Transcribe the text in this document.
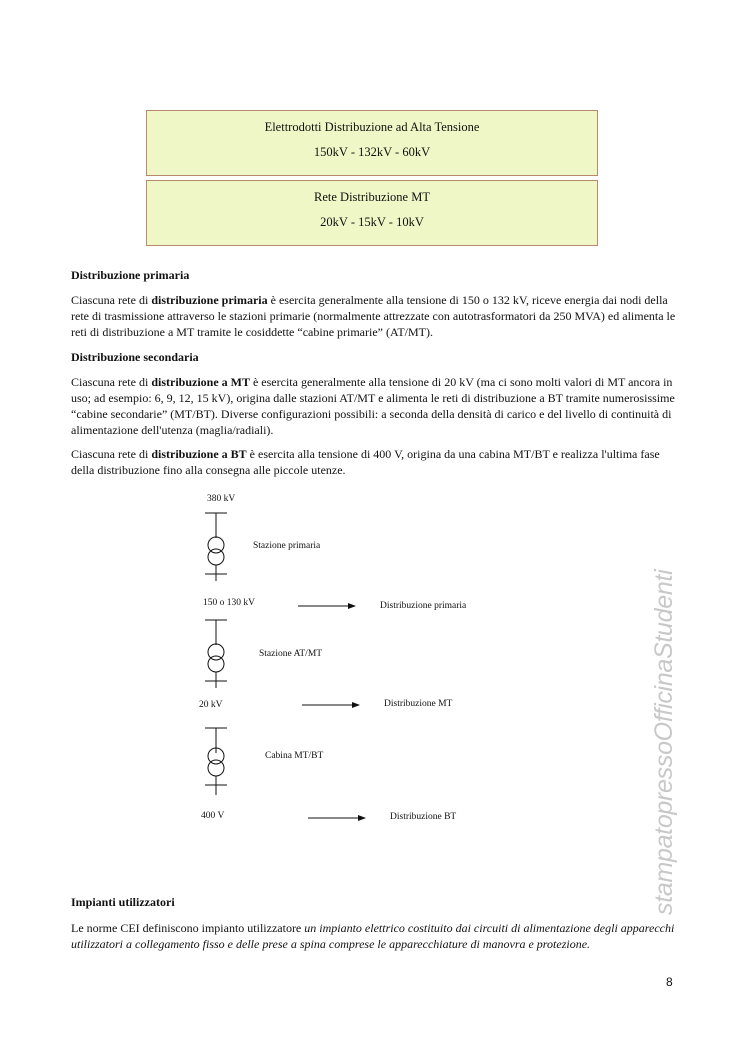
Elettrodotti Distribuzione ad Alta Tensione
150kV - 132kV - 60kV
Rete Distribuzione MT
20kV - 15kV - 10kV
Distribuzione primaria
Ciascuna rete di distribuzione primaria è esercita generalmente alla tensione di 150 o 132 kV, riceve energia dai nodi della rete di trasmissione attraverso le stazioni primarie (normalmente attrezzate con autotrasformatori da 250 MVA) ed alimenta le reti di distribuzione a MT tramite le cosiddette “cabine primarie” (AT/MT).
Distribuzione secondaria
Ciascuna rete di distribuzione a MT è esercita generalmente alla tensione di 20 kV (ma ci sono molti valori di MT ancora in uso; ad esempio: 6, 9, 12, 15 kV), origina dalle stazioni AT/MT e alimenta le reti di distribuzione a BT tramite numerosissime “cabine secondarie” (MT/BT). Diverse configurazioni possibili: a seconda della densità di carico e del livello di continuità di alimentazione dell'utenza (maglia/radiali).
Ciascuna rete di distribuzione a BT è esercita alla tensione di 400 V, origina da una cabina MT/BT e realizza l'ultima fase della distribuzione fino alla consegna alle piccole utenze.
380 kV
Stazione primaria
150 o 130 kV	Distribuzione primaria
Stazione AT/MT
20 kV	Distribuzione MT
Cabina MT/BT
400 V	Distribuzione BT	stampatopressoOfficinaStudenti
Impianti utilizzatori
Le norme CEI definiscono impianto utilizzatore un impianto elettrico costituito dai circuiti di alimentazione degli apparecchi utilizzatori a collegamento fisso e delle prese a spina comprese le apparecchiature di manovra e protezione.
8
